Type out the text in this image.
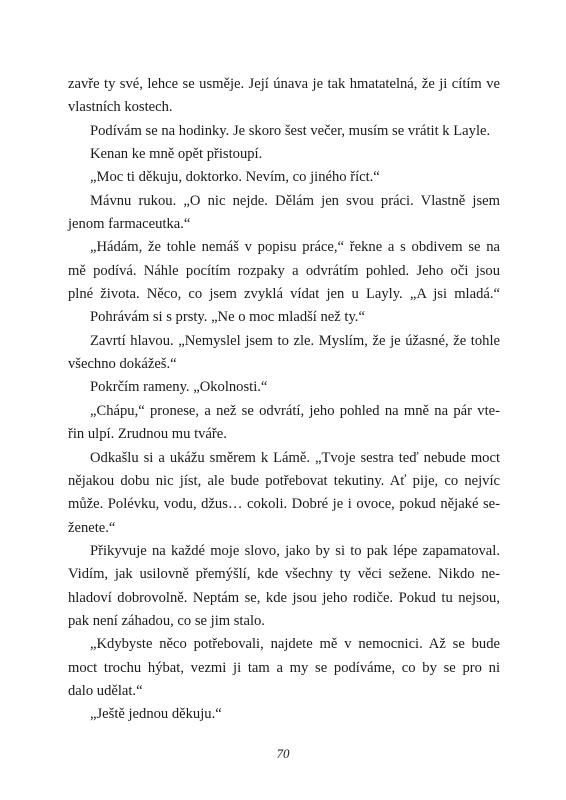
zavře ty své, lehce se usměje. Její únava je tak hmatatelná, že ji cítím ve
vlastních kostech.
Podívám se na hodinky. Je skoro šest večer, musím se vrátit k Layle.
Kenan ke mně opět přistoupí.
„Moc ti děkuju, doktorko. Nevím, co jiného říct.“
Mávnu rukou. „O nic nejde. Dělám jen svou práci. Vlastně jsem
jenom farmaceutka.“
„Hádám, že tohle nemáš v popisu práce,“ řekne a s obdivem se na
mě podívá. Náhle pocítím rozpaky a odvrátím pohled. Jeho oči jsou
plné života. Něco, co jsem zvyklá vídat jen u Layly. „A jsi mladá.“
Pohrávám si s prsty. „Ne o moc mladší než ty.“
Zavrtí hlavou. „Nemyslel jsem to zle. Myslím, že je úžasné, že tohle
všechno dokážeš.“
Pokrčím rameny. „Okolnosti.“
„Chápu,“ pronese, a než se odvrátí, jeho pohled na mně na pár vte-
řin ulpí. Zrudnou mu tváře.
Odkašlu si a ukážu směrem k Lámě. „Tvoje sestra teď nebude moct
nějakou dobu nic jíst, ale bude potřebovat tekutiny. Ať pije, co nejvíc
může. Polévku, vodu, džus… cokoli. Dobré je i ovoce, pokud nějaké se-
ženete.“
Přikyvuje na každé moje slovo, jako by si to pak lépe zapamatoval.
Vidím, jak usilovně přemýšlí, kde všechny ty věci sežene. Nikdo ne-
hladoví dobrovolně. Neptám se, kde jsou jeho rodiče. Pokud tu nejsou,
pak není záhadou, co se jim stalo.
„Kdybyste něco potřebovali, najdete mě v nemocnici. Až se bude
moct trochu hýbat, vezmi ji tam a my se podíváme, co by se pro ni
dalo udělat.“
„Ještě jednou děkuju.“
70
